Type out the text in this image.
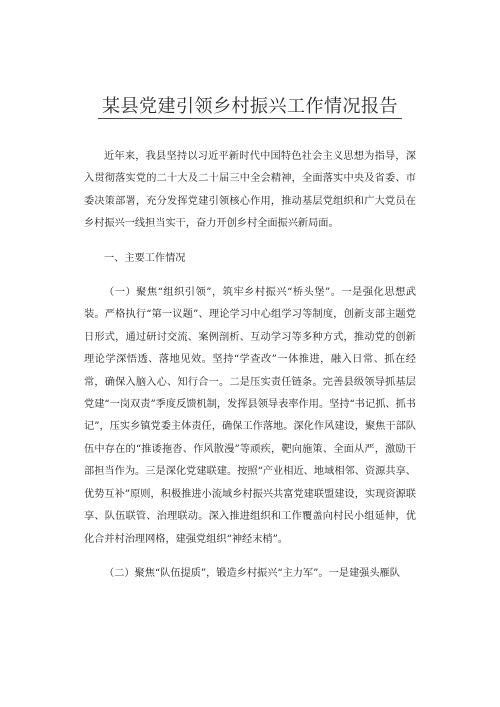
某县党建引领乡村振兴工作情况报告

近年来，我县坚持以习近平新时代中国特色社会主义思想为指导，深入贯彻落实党的二十大及二十届三中全会精神，全面落实中央及省委、市委决策部署，充分发挥党建引领核心作用，推动基层党组织和广大党员在乡村振兴一线担当实干，奋力开创乡村全面振兴新局面。

一、主要工作情况

（一）聚焦“组织引领”，筑牢乡村振兴“桥头堡”。一是强化思想武装。严格执行“第一议题”、理论学习中心组学习等制度，创新支部主题党日形式，通过研讨交流、案例剖析、互动学习等多种方式，推动党的创新理论学深悟透、落地见效。坚持“学查改”一体推进，融入日常、抓在经常，确保入脑入心、知行合一。二是压实责任链条。完善县级领导抓基层党建“一岗双责”季度反馈机制，发挥县领导表率作用。坚持“书记抓、抓书记”，压实乡镇党委主体责任，确保工作落地。深化作风建设，聚焦干部队伍中存在的“推诿拖沓、作风散漫”等顽疾，靶向施策、全面从严，激励干部担当作为。三是深化党建联建。按照“产业相近、地域相邻、资源共享、优势互补”原则，积极推进小流域乡村振兴共富党建联盟建设，实现资源联享、队伍联管、治理联动。深入推进组织和工作覆盖向村民小组延伸，优化合并村治理网格，建强党组织“神经末梢”。

（二）聚焦“队伍提质”，锻造乡村振兴“主力军”。一是建强头雁队
